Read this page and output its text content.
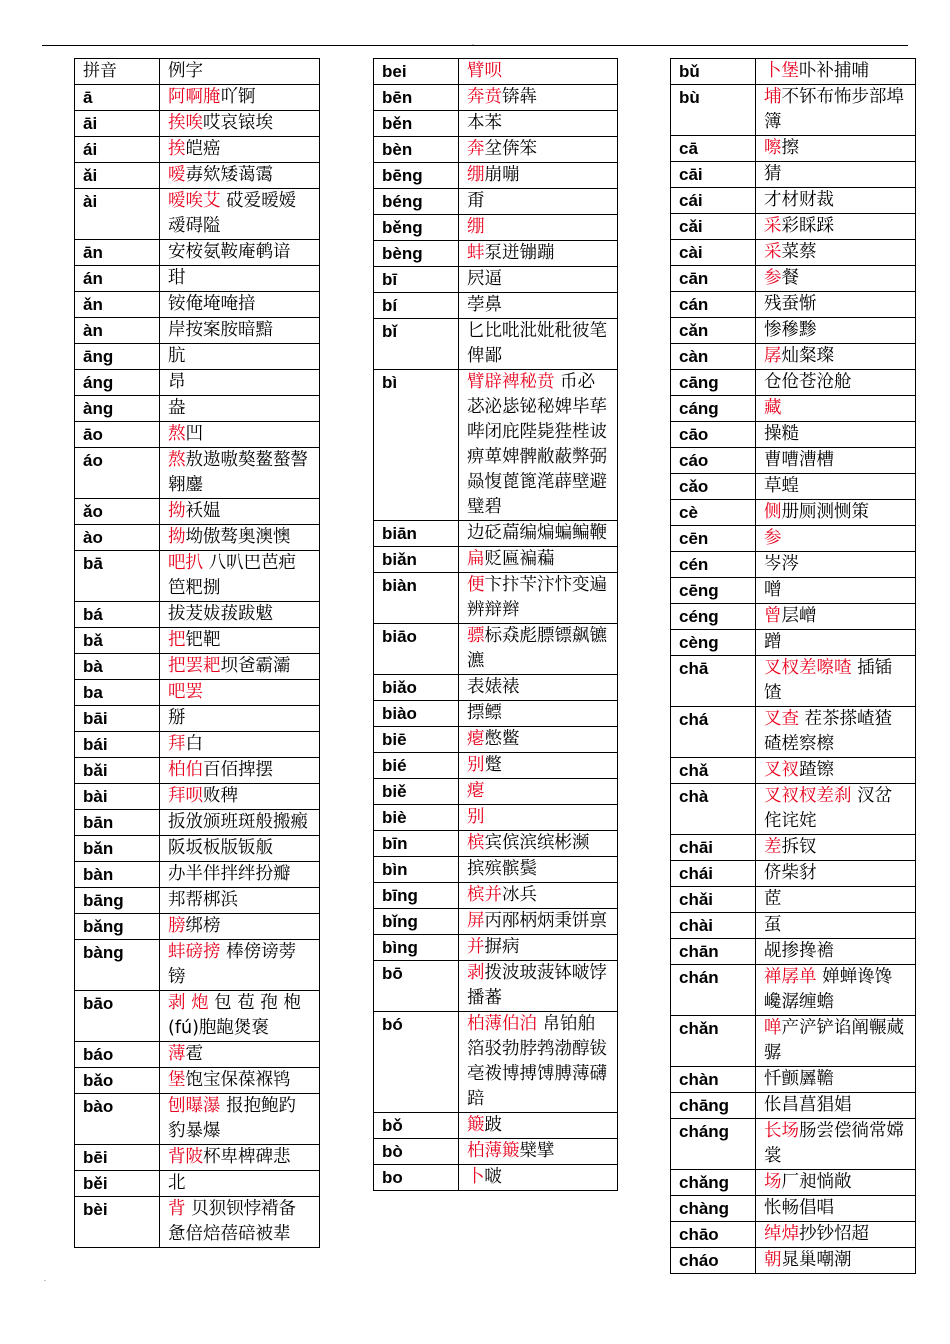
.
拼音	例字
ā	阿啊腌吖锕
āi	挨唉哎哀锿埃
ái	挨皑癌
ǎi	嗳毐欸矮蔼霭
ài	嗳唉艾 砹爱暧嫒叆碍隘
ān	安桉氨鞍庵鹌谙
án	玵
ǎn	铵俺埯唵揞
àn	岸按案胺暗黯
āng	肮
áng	昂
àng	盎
āo	熬凹
áo	熬敖遨嗷獒鳌螯謷翱鏖
ǎo	拗袄媪
ào	拗坳傲骜奥澳懊
bā	吧扒 八叭巴芭疤笆粑捌
bá	拔茇妭菝跋魃
bǎ	把钯靶
bà	把罢耙坝爸霸灞
ba	吧罢
bāi	掰
bái	拜白
bǎi	柏伯百佰捭摆
bài	拜呗败稗
bān	扳攽颁班斑般搬瘢
bǎn	阪坂板版钣舨
bàn	办半伴拌绊扮瓣
bāng	邦帮梆浜
bǎng	膀绑榜
bàng	蚌磅搒 棒傍谤蒡镑
bāo	剥 炮 包 苞 孢 枹(fú)胞龅煲褒
báo	薄雹
bǎo	堡饱宝保葆褓鸨
bào	刨曝瀑 报抱鲍趵豹暴爆
bēi	背陂杯卑椑碑悲
běi	北
bèi	背 贝狈钡悖褙备惫倍焙蓓碚被辈
bei	臂呗
bēn	奔贲锛犇
běn	本苯
bèn	奔坌倴笨
bēng	绷崩嘣
béng	甭
běng	绷
bèng	蚌泵迸镚蹦
bī	屄逼
bí	荸鼻
bǐ	匕比吡沘妣秕彼笔俾鄙
bì	臂辟裨秘贲 币必苾泌毖铋秘婢毕荜哔闭庇陛毙狴梐诐痹萆婢髀敝蔽弊弼赑愎蓖篦滗薜壁避璧碧
biān	边砭萹编煸蝙鳊鞭
biǎn	扁贬匾褊藊
biàn	便卞抃苄汴忭变遍辨辩辫
biāo	骠标猋彪膘镖飙镳瀌
biǎo	表婊裱
biào	摽鳔
biē	瘪憋鳖
bié	别蹩
biě	瘪
biè	别
bīn	槟宾傧滨缤彬濒
bìn	摈殡髌鬓
bīng	槟并冰兵
bǐng	屏丙邴柄炳秉饼禀
bìng	并摒病
bō	剥拨波玻菠钵啵饽播蕃
bó	柏薄伯泊 帛铂舶箔驳勃脖鹁渤醇钹亳袯博搏馎膊薄礴踣
bǒ	簸跛
bò	柏薄簸檗擘
bo	卜啵
bǔ	卜堡卟补捕哺
bù	埔不钚布怖步部埠簿
cā	嚓擦
cāi	猜
cái	才材财裁
cǎi	采彩睬踩
cài	采菜蔡
cān	参餐
cán	残蚕惭
cǎn	惨穇黪
càn	孱灿粲璨
cāng	仓伧苍沧舱
cáng	藏
cāo	操糙
cáo	曹嘈漕槽
cǎo	草蝗
cè	侧册厕测恻策
cēn	参
cén	岑涔
cēng	噌
céng	曾层嶒
cèng	蹭
chā	叉杈差嚓喳 插锸馇
chá	叉查 茬茶搽嵖猹碴槎察檫
chǎ	叉衩蹅镲
chà	叉衩杈差刹 汊岔侘诧姹
chāi	差拆钗
chái	侪柴豺
chǎi	茝
chài	虿
chān	觇掺搀襜
chán	禅孱单 婵蝉谗馋巉潺缠蟾
chǎn	啴产浐铲谄阐冁蒇骣
chàn	忏颤羼韂
chāng	伥昌菖猖娼
cháng	长场肠尝偿徜常嫦裳
chǎng	场厂昶惝敞
chàng	怅畅倡唱
chāo	绰焯抄钞怊超
cháo	朝晁巢嘲潮
.
